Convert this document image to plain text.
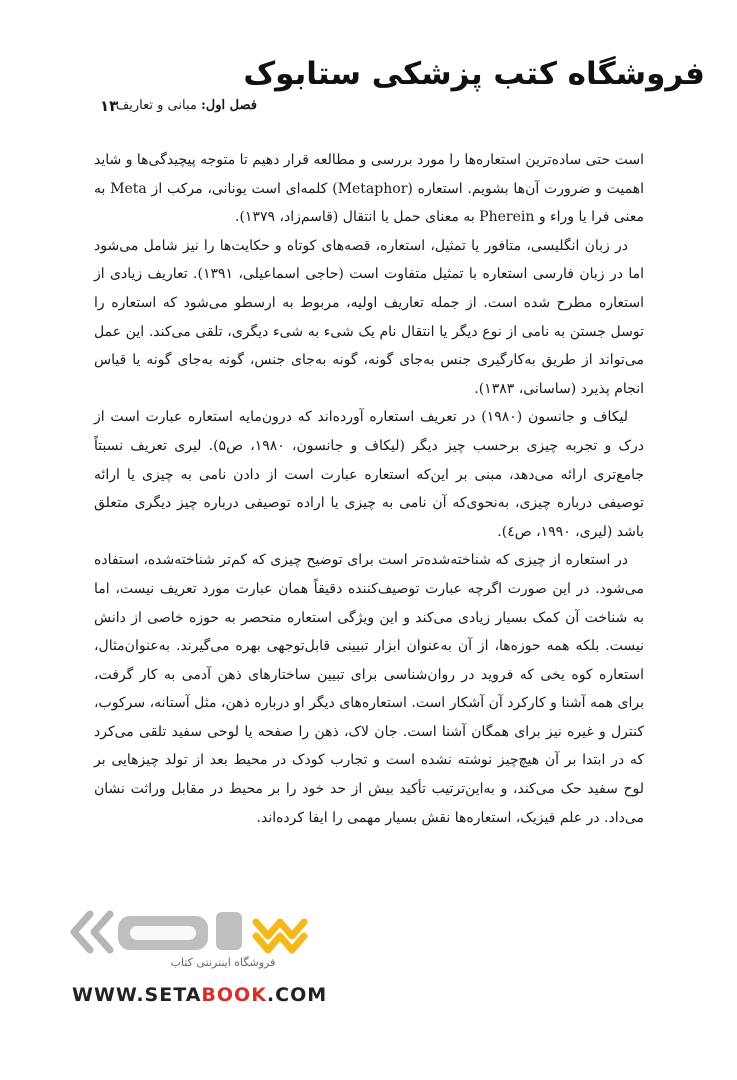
فروشگاه کتب پزشکی ستابوک
فصل اول: مبانی و تعاریف
۱۳

است حتی ساده‌ترین استعاره‌ها را مورد بررسی و مطالعه قرار دهیم تا متوجه پیچیدگی‌ها و شاید اهمیت و ضرورت آن‌ها بشویم. استعاره (Metaphor) کلمه‌ای است یونانی، مرکب از Meta به معنی فرا یا وراء و Pherein به معنای حمل یا انتقال (قاسم‌زاد، ۱۳۷۹).

در زبان انگلیسی، متافور یا تمثیل، استعاره، قصه‌های کوتاه و حکایت‌ها را نیز شامل می‌شود اما در زبان فارسی استعاره با تمثیل متفاوت است (حاجی اسماعیلی، ۱۳۹۱). تعاریف زیادی از استعاره مطرح شده است. از جمله تعاریف اولیه، مربوط به ارسطو می‌شود که استعاره را توسل جستن به نامی از نوع دیگر یا انتقال نام یک شیء به شیء دیگری، تلقی می‌کند. این عمل می‌تواند از طریق به‌کارگیری جنس به‌جای گونه، گونه به‌جای جنس، گونه به‌جای گونه یا قیاس انجام پذیرد (ساسانی، ۱۳۸۳).

لیکاف و جانسون (۱۹۸۰) در تعریف استعاره آورده‌اند که درون‌مایه استعاره عبارت است از درک و تجربه چیزی برحسب چیز دیگر (لیکاف و جانسون، ۱۹۸۰، ص۵). لیری تعریف نسبتاً جامع‌تری ارائه می‌دهد، مبنی بر این‌که استعاره عبارت است از دادن نامی به چیزی یا ارائه توصیفی درباره چیزی، به‌نحوی‌که آن نامی به چیزی یا اراده توصیفی درباره چیز دیگری متعلق باشد (لیری، ۱۹۹۰، ص٤).

در استعاره از چیزی که شناخته‌شده‌تر است برای توضیح چیزی که کم‌تر شناخته‌شده، استفاده می‌شود. در این صورت اگرچه عبارت توصیف‌کننده دقیقاً همان عبارت مورد تعریف نیست، اما به شناخت آن کمک بسیار زیادی می‌کند و این ویژگی استعاره منحصر به حوزه خاصی از دانش نیست. بلکه همه حوزه‌ها، از آن به‌عنوان ابزار تبیینی قابل‌توجهی بهره می‌گیرند. به‌عنوان‌مثال، استعاره کوه یخی که فروید در روان‌شناسی برای تبیین ساختارهای ذهن آدمی به کار گرفت، برای همه آشنا و کارکرد آن آشکار است. استعاره‌های دیگر او درباره ذهن، مثل آستانه، سرکوب، کنترل و غیره نیز برای همگان آشنا است. جان لاک، ذهن را صفحه یا لوحی سفید تلقی می‌کرد که در ابتدا بر آن هیچ‌چیز نوشته نشده است و تجارب کودک در محیط بعد از تولد چیزهایی بر لوح سفید حک می‌کند، و به‌این‌ترتیب تأکید بیش از حد خود را بر محیط در مقابل وراثت نشان می‌داد. در علم فیزیک، استعاره‌ها نقش بسیار مهمی را ایفا کرده‌اند.

فروشگاه اینترنتی کتاب
WWW.SETABOOK.COM
